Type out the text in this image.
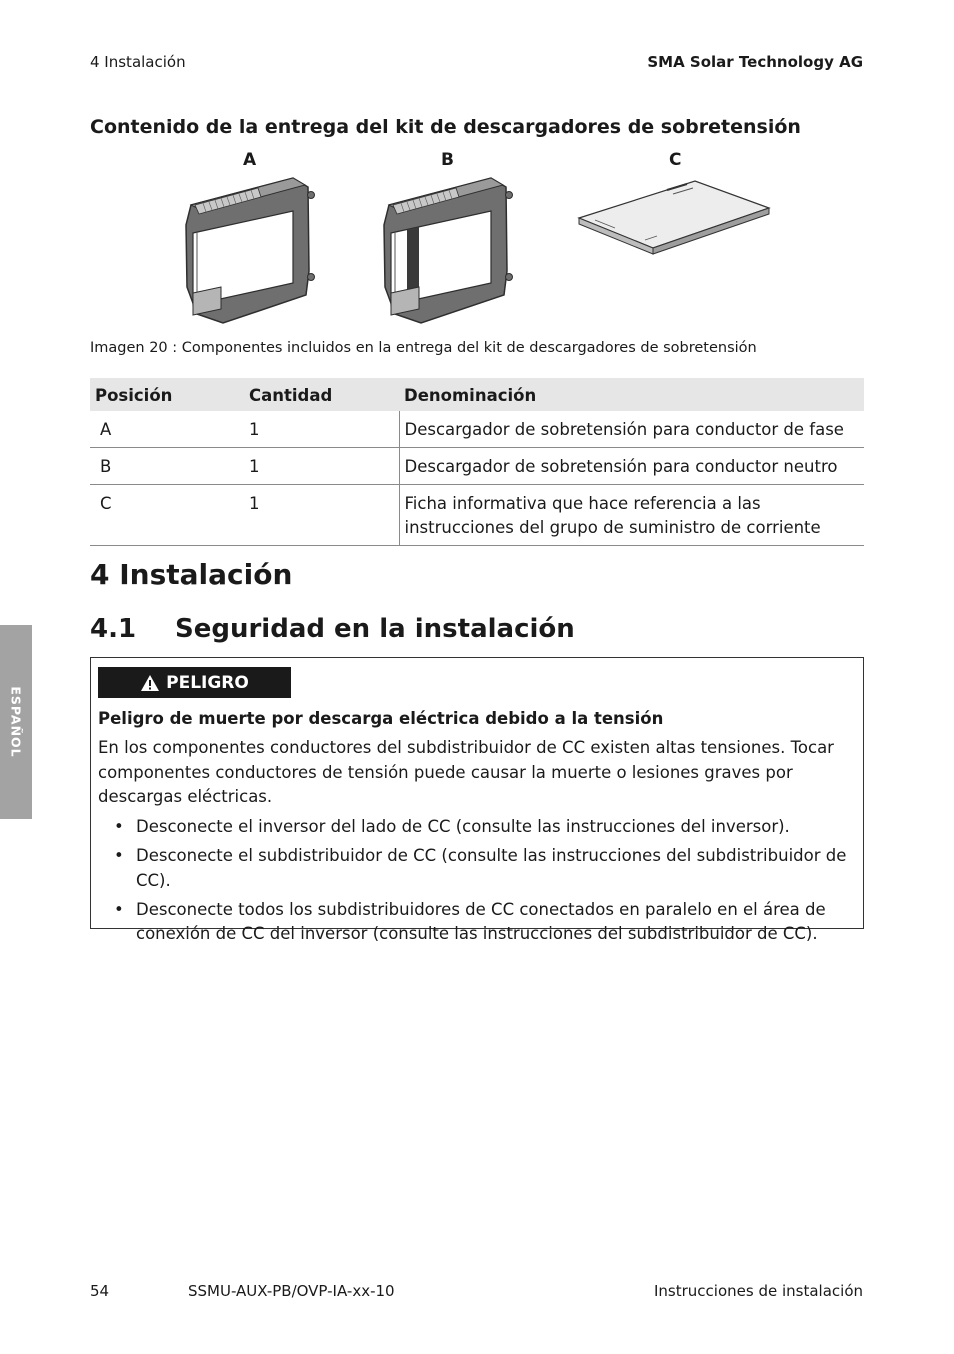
4 Instalación	SMA Solar Technology AG
Contenido de la entrega del kit de descargadores de sobretensión
A	B	C
Imagen 20 : Componentes incluidos en la entrega del kit de descargadores de sobretensión
Posición	Cantidad	Denominación
A	1	Descargador de sobretensión para conductor de fase
B	1	Descargador de sobretensión para conductor neutro
C	1	Ficha informativa que hace referencia a las instrucciones del grupo de suministro de corriente
4 Instalación
4.1 Seguridad en la instalación
ESPAÑOL
PELIGRO
Peligro de muerte por descarga eléctrica debido a la tensión
En los componentes conductores del subdistribuidor de CC existen altas tensiones. Tocar componentes conductores de tensión puede causar la muerte o lesiones graves por descargas eléctricas.
• Desconecte el inversor del lado de CC (consulte las instrucciones del inversor).
• Desconecte el subdistribuidor de CC (consulte las instrucciones del subdistribuidor de CC).
• Desconecte todos los subdistribuidores de CC conectados en paralelo en el área de conexión de CC del inversor (consulte las instrucciones del subdistribuidor de CC).
54	SSMU-AUX-PB/OVP-IA-xx-10	Instrucciones de instalación
